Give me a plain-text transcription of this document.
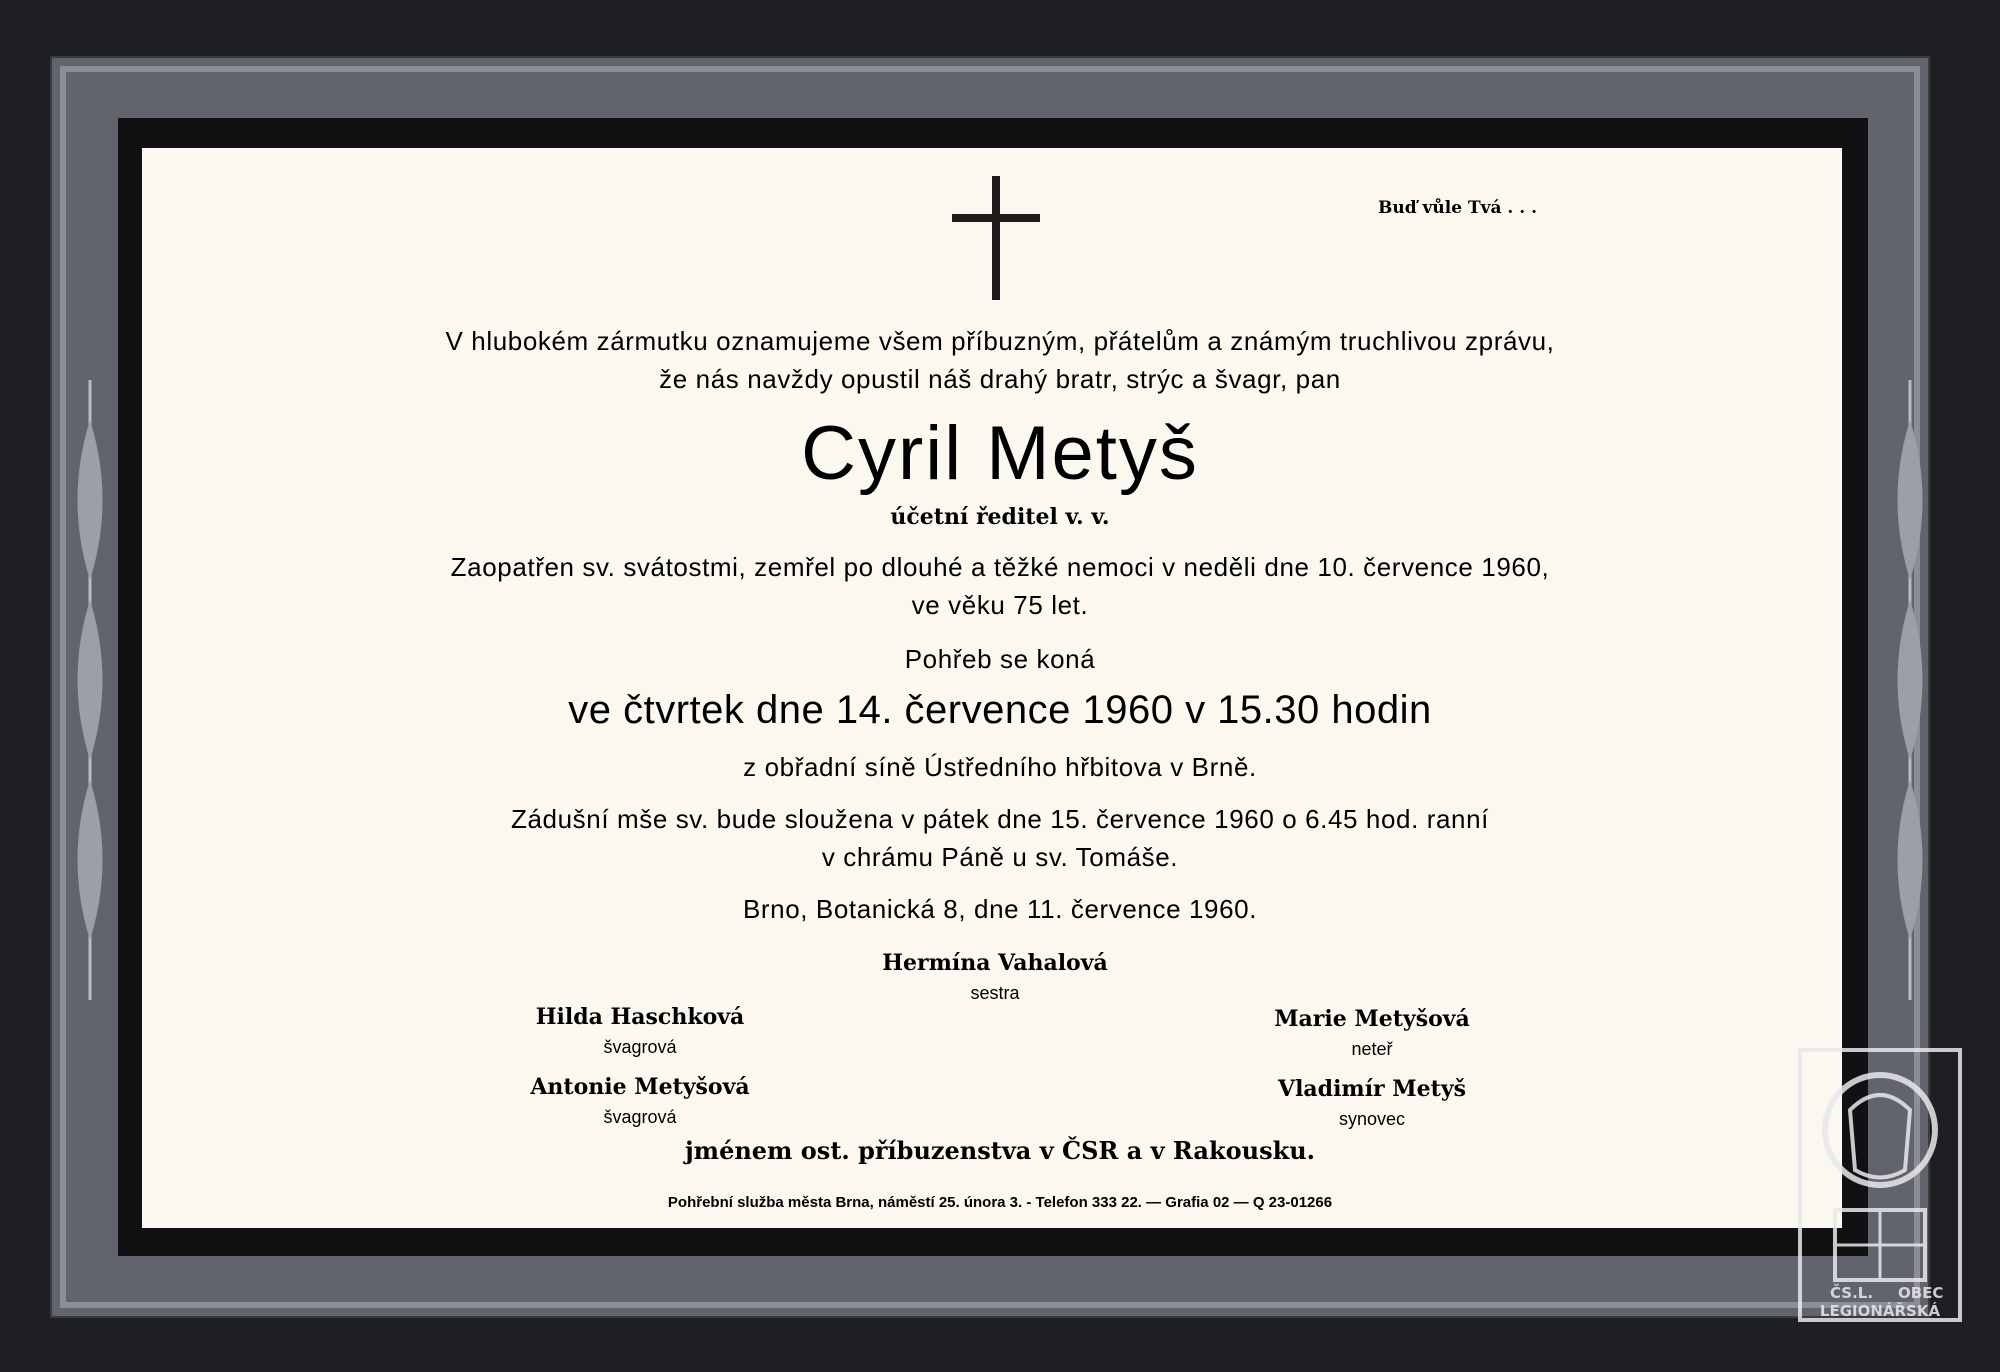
Buď vůle Tvá . . .
V hlubokém zármutku oznamujeme všem příbuzným, přátelům a známým truchlivou zprávu,
že nás navždy opustil náš drahý bratr, strýc a švagr, pan
Cyril Metyš
účetní ředitel v. v.
Zaopatřen sv. svátostmi, zemřel po dlouhé a těžké nemoci v neděli dne 10. července 1960,
ve věku 75 let.
Pohřeb se koná
ve čtvrtek dne 14. července 1960 v 15.30 hodin
z obřadní síně Ústředního hřbitova v Brně.
Zádušní mše sv. bude sloužena v pátek dne 15. července 1960 o 6.45 hod. ranní
v chrámu Páně u sv. Tomáše.
Brno, Botanická 8, dne 11. července 1960.
Hermína Vahalová
sestra
Hilda Haschková
švagrová
Marie Metyšová
neteř
Antonie Metyšová
švagrová
Vladimír Metyš
synovec
jménem ost. příbuzenstva v ČSR a v Rakousku.
Pohřební služba města Brna, náměstí 25. února 3. - Telefon 333 22. — Grafia 02 — Q 23-01266
ČS.L. OBEC
LEGIONÁŘSKÁ
